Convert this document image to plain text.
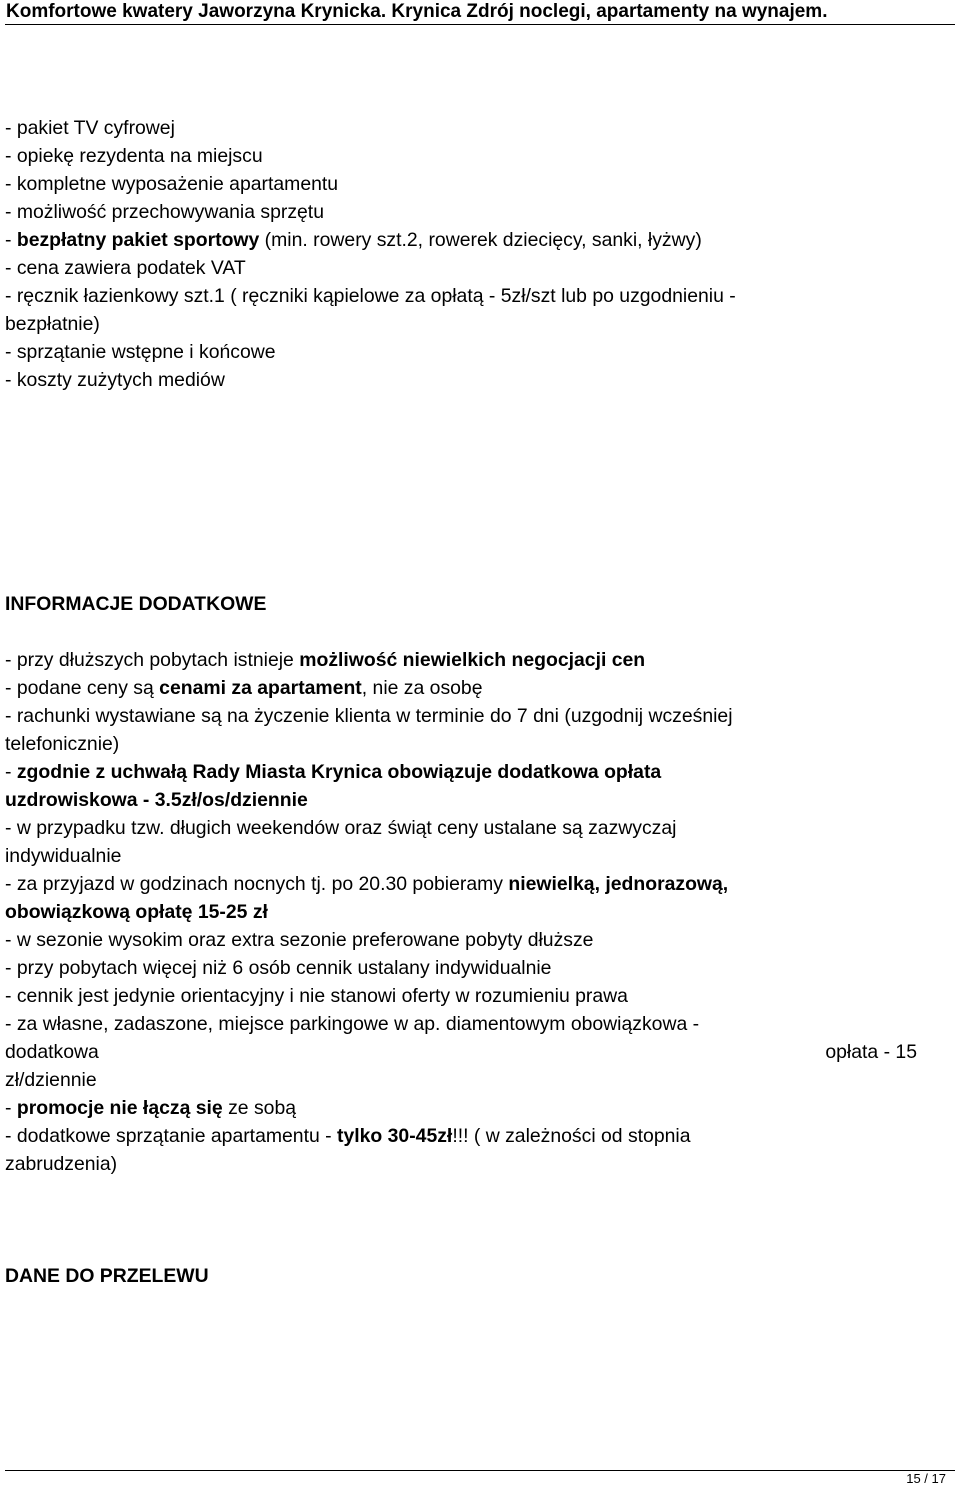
Komfortowe kwatery Jaworzyna Krynicka. Krynica Zdrój noclegi, apartamenty na wynajem.
- pakiet TV cyfrowej
- opiekę rezydenta na miejscu
- kompletne wyposażenie apartamentu
- możliwość przechowywania sprzętu
- bezpłatny pakiet sportowy (min. rowery szt.2, rowerek dziecięcy, sanki, łyżwy)
- cena zawiera podatek VAT
- ręcznik łazienkowy szt.1 ( ręczniki kąpielowe za opłatą - 5zł/szt lub po uzgodnieniu -
bezpłatnie)
- sprzątanie wstępne i końcowe
- koszty zużytych mediów
INFORMACJE DODATKOWE
- przy dłuższych pobytach istnieje możliwość niewielkich negocjacji cen
- podane ceny są cenami za apartament, nie za osobę
- rachunki wystawiane są na życzenie klienta w terminie do 7 dni (uzgodnij wcześniej
telefonicznie)
- zgodnie z uchwałą Rady Miasta Krynica obowiązuje dodatkowa opłata
uzdrowiskowa - 3.5zł/os/dziennie
- w przypadku tzw. długich weekendów oraz świąt ceny ustalane są zazwyczaj
indywidualnie
- za przyjazd w godzinach nocnych tj. po 20.30 pobieramy niewielką, jednorazową,
obowiązkową opłatę 15-25 zł
- w sezonie wysokim oraz extra sezonie preferowane pobyty dłuższe
- przy pobytach więcej niż 6 osób cennik ustalany indywidualnie
- cennik jest jedynie orientacyjny i nie stanowi oferty w rozumieniu prawa
- za własne, zadaszone, miejsce parkingowe w ap. diamentowym obowiązkowa -
dodatkowa	opłata - 15
zł/dziennie
- promocje nie łączą się ze sobą
- dodatkowe sprzątanie apartamentu - tylko 30-45zł!!! ( w zależności od stopnia
zabrudzenia)
DANE DO PRZELEWU
15 / 17
